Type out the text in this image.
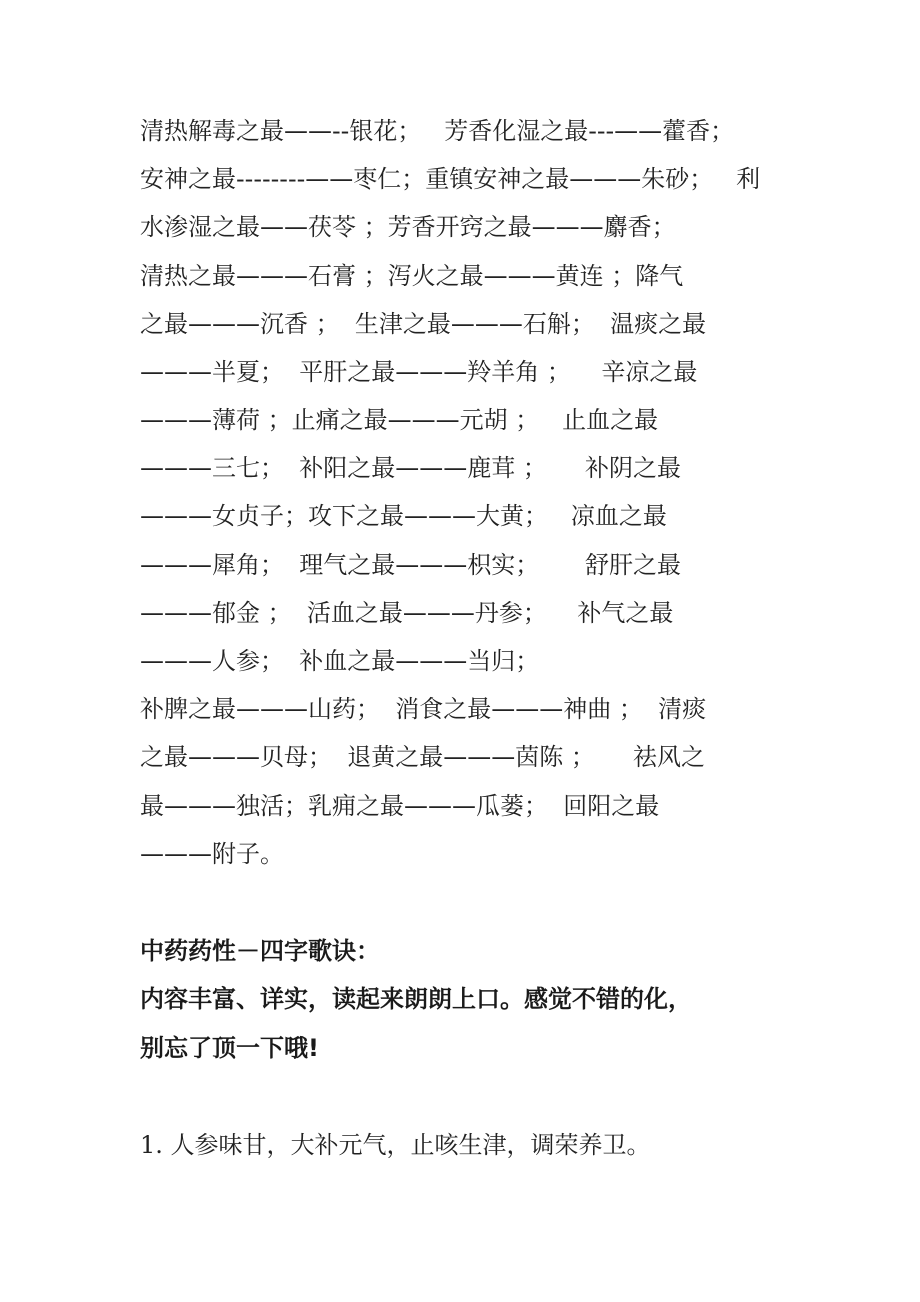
清热解毒之最——--银花；   芳香化湿之最---——藿香；
安神之最--------——枣仁；重镇安神之最———朱砂；   利
水渗湿之最——茯苓 ；芳香开窍之最———麝香；
清热之最———石膏 ；泻火之最———黄连 ；降气
之最———沉香 ；  生津之最———石斛；  温痰之最
———半夏；  平肝之最———羚羊角 ；    辛凉之最
———薄荷 ；止痛之最———元胡 ；   止血之最
———三七；  补阳之最———鹿茸 ；     补阴之最
———女贞子；攻下之最———大黄；   凉血之最
———犀角；  理气之最———枳实；      舒肝之最
———郁金 ；  活血之最———丹参；    补气之最
———人参；  补血之最———当归；
补脾之最———山药；  消食之最———神曲 ；  清痰
之最———贝母；  退黄之最———茵陈 ；     祛风之
最———独活；乳痈之最———瓜蒌；  回阳之最
———附子。
中药药性－四字歌诀：
内容丰富、详实，读起来朗朗上口。感觉不错的化，
别忘了顶一下哦!
1. 人参味甘，大补元气，止咳生津，调荣养卫。
